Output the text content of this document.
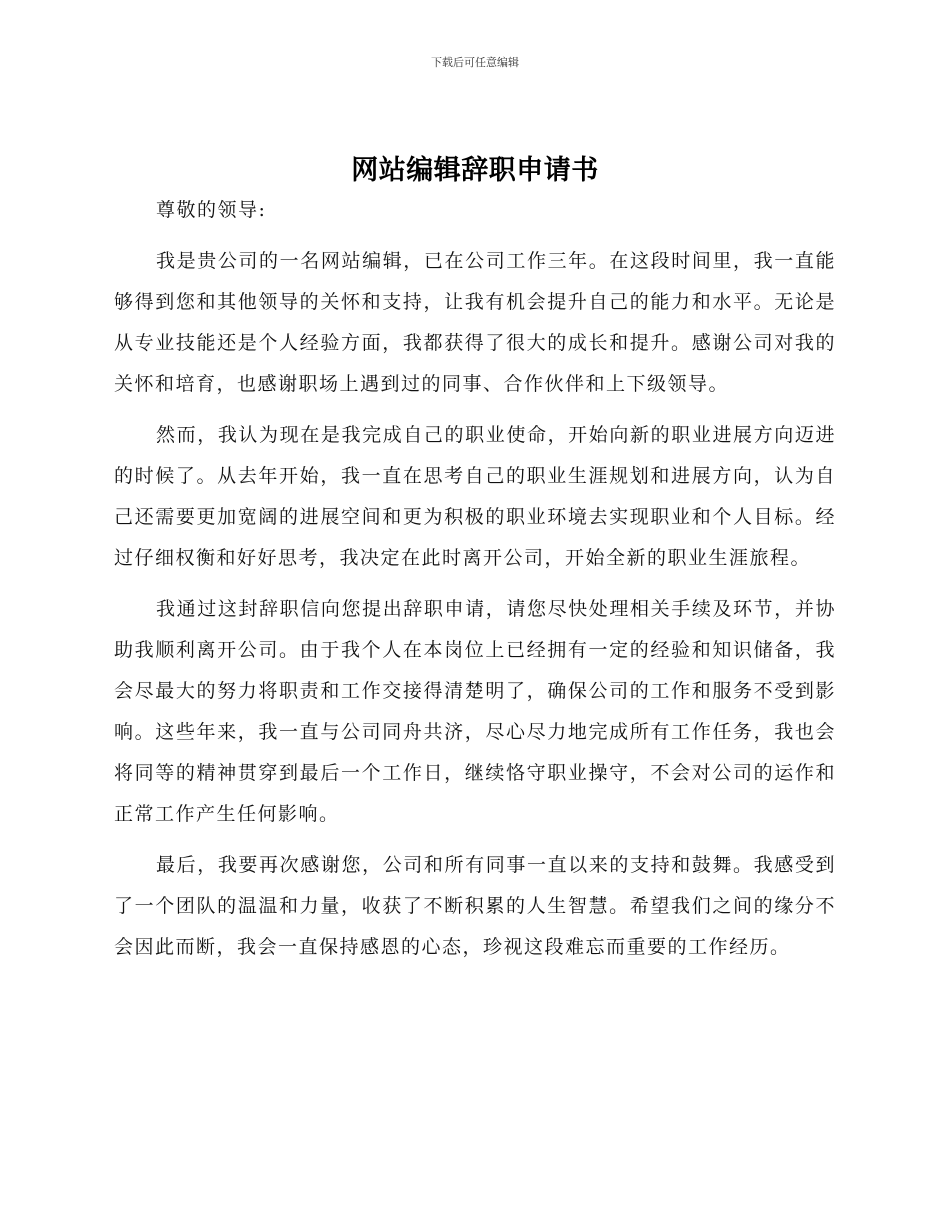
下载后可任意编辑
网站编辑辞职申请书

尊敬的领导:

我是贵公司的一名网站编辑，已在公司工作三年。在这段时间里，我一直能够得到您和其他领导的关怀和支持，让我有机会提升自己的能力和水平。无论是从专业技能还是个人经验方面，我都获得了很大的成长和提升。感谢公司对我的关怀和培育，也感谢职场上遇到过的同事、合作伙伴和上下级领导。

然而，我认为现在是我完成自己的职业使命，开始向新的职业进展方向迈进的时候了。从去年开始，我一直在思考自己的职业生涯规划和进展方向，认为自己还需要更加宽阔的进展空间和更为积极的职业环境去实现职业和个人目标。经过仔细权衡和好好思考，我决定在此时离开公司，开始全新的职业生涯旅程。

我通过这封辞职信向您提出辞职申请，请您尽快处理相关手续及环节，并协助我顺利离开公司。由于我个人在本岗位上已经拥有一定的经验和知识储备，我会尽最大的努力将职责和工作交接得清楚明了，确保公司的工作和服务不受到影响。这些年来，我一直与公司同舟共济，尽心尽力地完成所有工作任务，我也会将同等的精神贯穿到最后一个工作日，继续恪守职业操守，不会对公司的运作和正常工作产生任何影响。

最后，我要再次感谢您，公司和所有同事一直以来的支持和鼓舞。我感受到了一个团队的温温和力量，收获了不断积累的人生智慧。希望我们之间的缘分不会因此而断，我会一直保持感恩的心态，珍视这段难忘而重要的工作经历。
